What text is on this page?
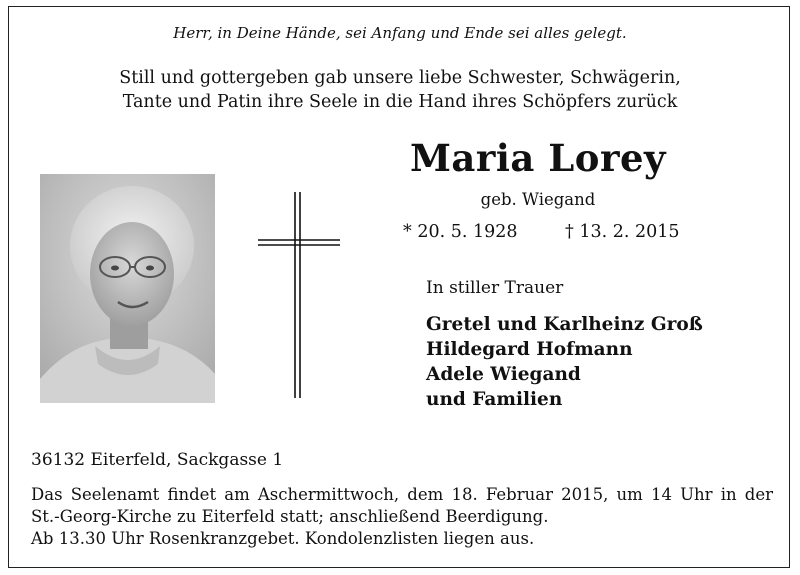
Herr, in Deine Hände, sei Anfang und Ende sei alles gelegt.
Still und gottergeben gab unsere liebe Schwester, Schwägerin,
Tante und Patin ihre Seele in die Hand ihres Schöpfers zurück
Maria Lorey
geb. Wiegand
* 20. 5. 1928	† 13. 2. 2015
In stiller Trauer
Gretel und Karlheinz Groß
Hildegard Hofmann
Adele Wiegand
und Familien
36132 Eiterfeld, Sackgasse 1
Das Seelenamt findet am Aschermittwoch, dem 18. Februar 2015, um 14 Uhr in der
St.-Georg-Kirche zu Eiterfeld statt; anschließend Beerdigung.
Ab 13.30 Uhr Rosenkranzgebet. Kondolenzlisten liegen aus.
